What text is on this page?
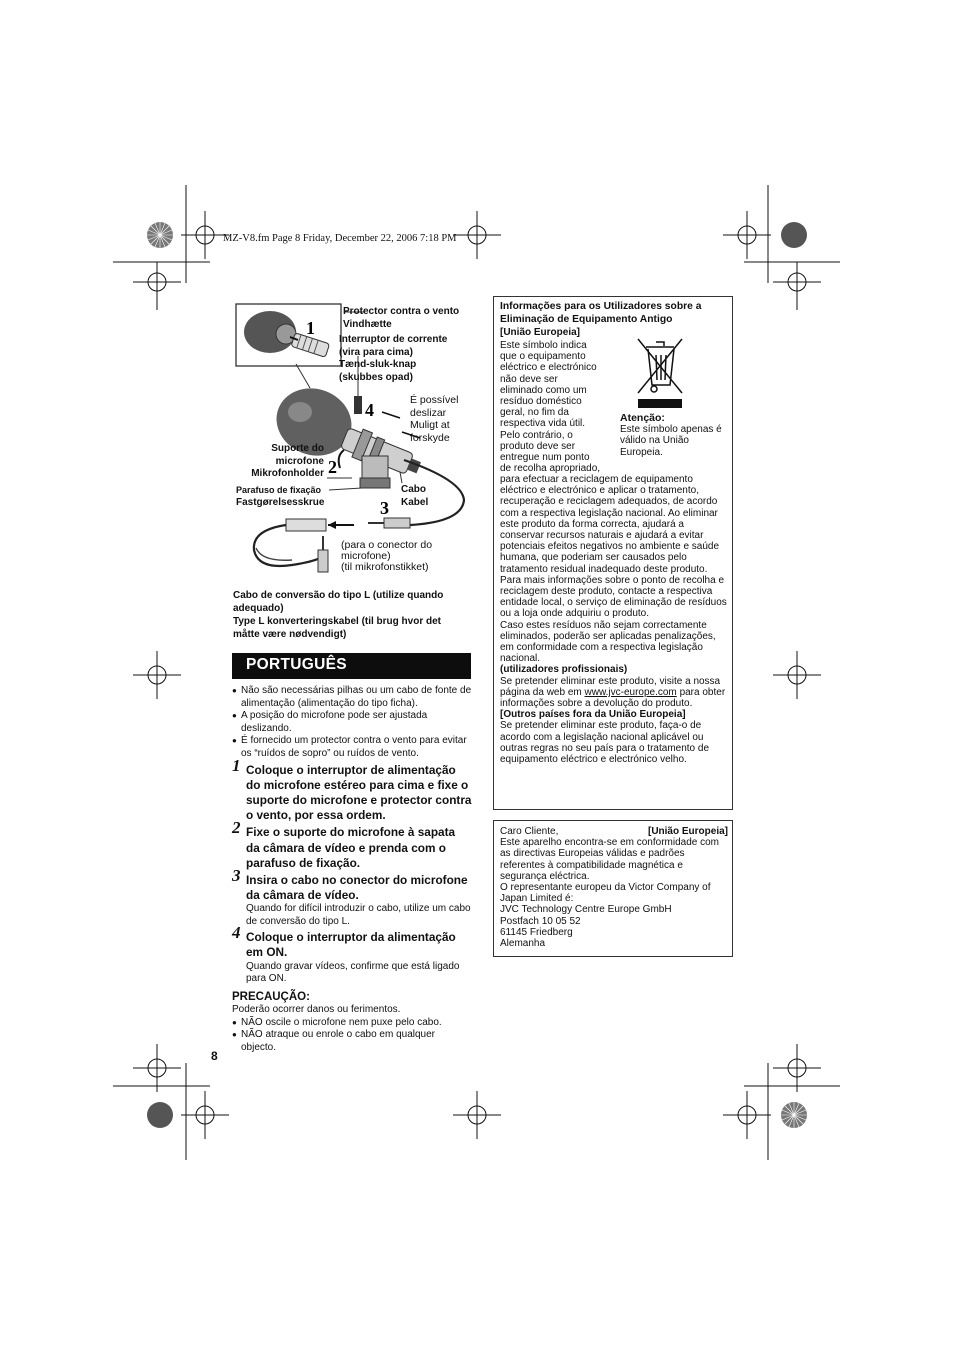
MZ-V8.fm Page 8 Friday, December 22, 2006 7:18 PM
1
4
2
3
Protector contra o vento
Vindhætte
Interruptor de corrente
(vira para cima)
Tænd-sluk-knap
(skubbes opad)
É possível
deslizar
Muligt at
forskyde
Suporte do
microfone
Mikrofonholder
Parafuso de fixação
Fastgørelsesskrue
Cabo
Kabel
(para o conector do
microfone)
(til mikrofonstikket)
Cabo de conversão do tipo L (utilize quando
adequado)
Type L konverteringskabel (til brug hvor det
måtte være nødvendigt)
PORTUGUÊS

● Não são necessárias pilhas ou um cabo de fonte de alimentação (alimentação do tipo ficha).

● A posição do microfone pode ser ajustada deslizando.

● É fornecido um protector contra o vento para evitar os “ruídos de sopro” ou ruídos de vento.

1 Coloque o interruptor de alimentação do microfone estéreo para cima e fixe o suporte do microfone e protector contra o vento, por essa ordem.
2 Fixe o suporte do microfone à sapata da câmara de vídeo e prenda com o parafuso de fixação.
3 Insira o cabo no conector do microfone da câmara de vídeo.
Quando for difícil introduzir o cabo, utilize um cabo de conversão do tipo L.
4 Coloque o interruptor da alimentação em ON.
Quando gravar vídeos, confirme que está ligado para ON.
PRECAUÇÃO:
Poderão ocorrer danos ou ferimentos.

● NÃO oscile o microfone nem puxe pelo cabo.

● NÃO atraque ou enrole o cabo em qualquer objecto.

8
Informações para os Utilizadores sobre a Eliminação de Equipamento Antigo
[União Europeia]
Este símbolo indica
que o equipamento
eléctrico e electrónico
não deve ser
eliminado como um
resíduo doméstico
geral, no fim da
respectiva vida útil.
Pelo contrário, o
produto deve ser
entregue num ponto
de recolha apropriado,
Atenção:
Este símbolo apenas é válido na União Europeia.
para efectuar a reciclagem de equipamento eléctrico e electrónico e aplicar o tratamento, recuperação e reciclagem adequados, de acordo com a respectiva legislação nacional. Ao eliminar este produto da forma correcta, ajudará a conservar recursos naturais e ajudará a evitar potenciais efeitos negativos no ambiente e saúde humana, que poderiam ser causados pelo tratamento residual inadequado deste produto. Para mais informações sobre o ponto de recolha e reciclagem deste produto, contacte a respectiva entidade local, o serviço de eliminação de resíduos ou a loja onde adquiriu o produto.
Caso estes resíduos não sejam correctamente eliminados, poderão ser aplicadas penalizações, em conformidade com a respectiva legislação nacional.
(utilizadores profissionais)
Se pretender eliminar este produto, visite a nossa página da web em www.jvc-europe.com para obter informações sobre a devolução do produto.
[Outros países fora da União Europeia]
Se pretender eliminar este produto, faça-o de acordo com a legislação nacional aplicável ou outras regras no seu país para o tratamento de equipamento eléctrico e electrónico velho.
Caro Cliente,	[União Europeia]
Este aparelho encontra-se em conformidade com as directivas Europeias válidas e padrões referentes à compatibilidade magnética e segurança eléctrica.
O representante europeu da Victor Company of Japan Limited é:
JVC Technology Centre Europe GmbH
Postfach 10 05 52
61145 Friedberg
Alemanha
